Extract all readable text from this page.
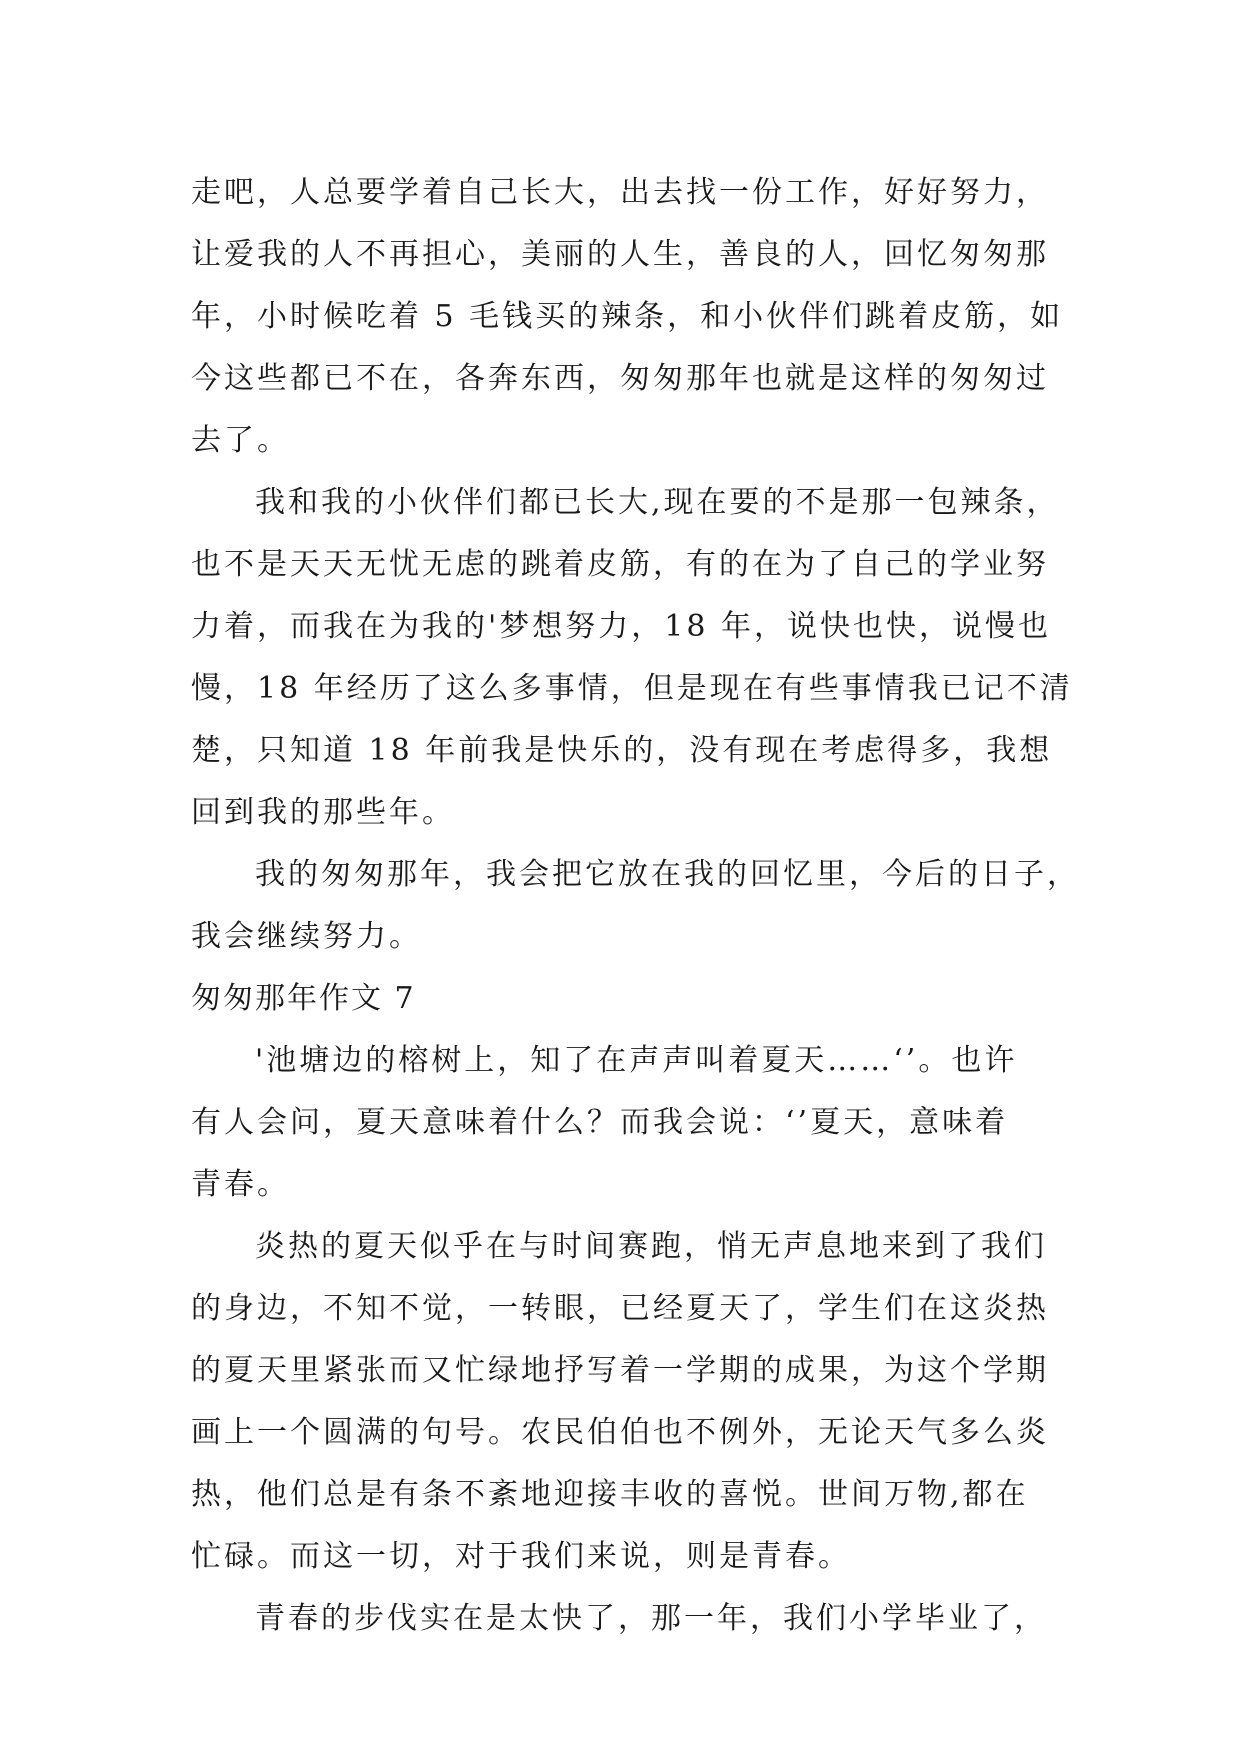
走吧，人总要学着自己长大，出去找一份工作，好好努力，
让爱我的人不再担心，美丽的人生，善良的人，回忆匆匆那
年，小时候吃着 5 毛钱买的辣条，和小伙伴们跳着皮筋，如
今这些都已不在，各奔东西，匆匆那年也就是这样的匆匆过
去了。
我和我的小伙伴们都已长大,现在要的不是那一包辣条，
也不是天天无忧无虑的跳着皮筋，有的在为了自己的学业努
力着，而我在为我的'梦想努力，18 年，说快也快，说慢也
慢，18 年经历了这么多事情，但是现在有些事情我已记不清
楚，只知道 18 年前我是快乐的，没有现在考虑得多，我想
回到我的那些年。
我的匆匆那年，我会把它放在我的回忆里，今后的日子，
我会继续努力。
匆匆那年作文 7
'池塘边的榕树上，知了在声声叫着夏天……‘’。也许
有人会问，夏天意味着什么？而我会说：‘’夏天，意味着
青春。
炎热的夏天似乎在与时间赛跑，悄无声息地来到了我们
的身边，不知不觉，一转眼，已经夏天了，学生们在这炎热
的夏天里紧张而又忙绿地抒写着一学期的成果，为这个学期
画上一个圆满的句号。农民伯伯也不例外，无论天气多么炎
热，他们总是有条不紊地迎接丰收的喜悦。世间万物,都在
忙碌。而这一切，对于我们来说，则是青春。
青春的步伐实在是太快了，那一年，我们小学毕业了，
